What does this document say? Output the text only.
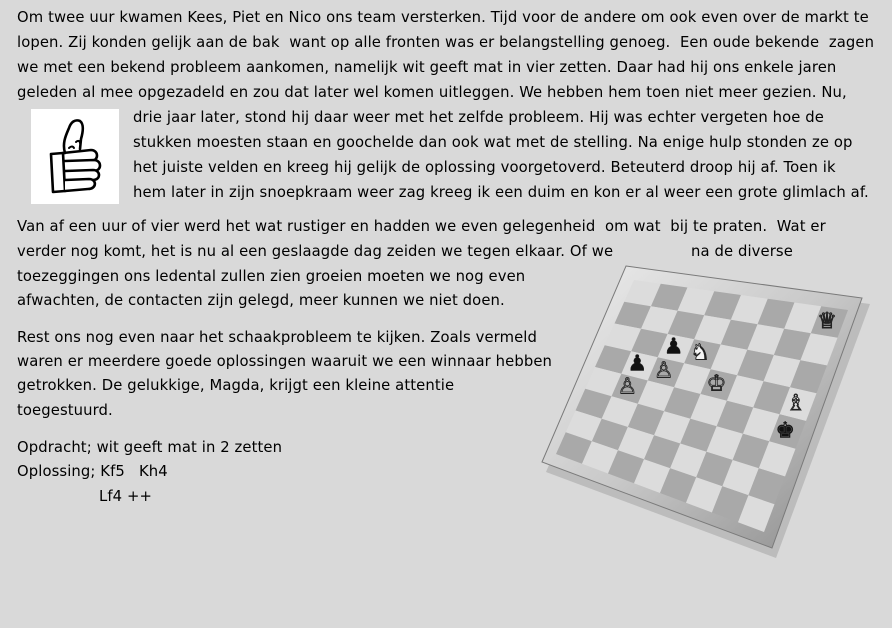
Om twee uur kwamen Kees, Piet en Nico ons team versterken. Tijd voor de andere om ook even over de markt te
lopen. Zij konden gelijk aan de bak  want op alle fronten was er belangstelling genoeg.  Een oude bekende  zagen
we met een bekend probleem aankomen, namelijk wit geeft mat in vier zetten. Daar had hij ons enkele jaren
geleden al mee opgezadeld en zou dat later wel komen uitleggen. We hebben hem toen niet meer gezien. Nu,
drie jaar later, stond hij daar weer met het zelfde probleem. Hij was echter vergeten hoe de
stukken moesten staan en goochelde dan ook wat met de stelling. Na enige hulp stonden ze op
het juiste velden en kreeg hij gelijk de oplossing voorgetoverd. Beteuterd droop hij af. Toen ik
hem later in zijn snoepkraam weer zag kreeg ik een duim en kon er al weer een grote glimlach af.
Van af een uur of vier werd het wat rustiger en hadden we even gelegenheid  om wat  bij te praten.  Wat er
verder nog komt, het is nu al een geslaagde dag zeiden we tegen elkaar. Of we	na de diverse
toezeggingen ons ledental zullen zien groeien moeten we nog even
afwachten, de contacten zijn gelegd, meer kunnen we niet doen.
Rest ons nog even naar het schaakprobleem te kijken. Zoals vermeld
waren er meerdere goede oplossingen waaruit we een winnaar hebben
getrokken. De gelukkige, Magda, krijgt een kleine attentie
toegestuurd.
Opdracht; wit geeft mat in 2 zetten
Oplossing; Kf5 Kh4
Lf4 ++
♕
♟ ♞
♟ ♙
♔
♗
♙
♚
